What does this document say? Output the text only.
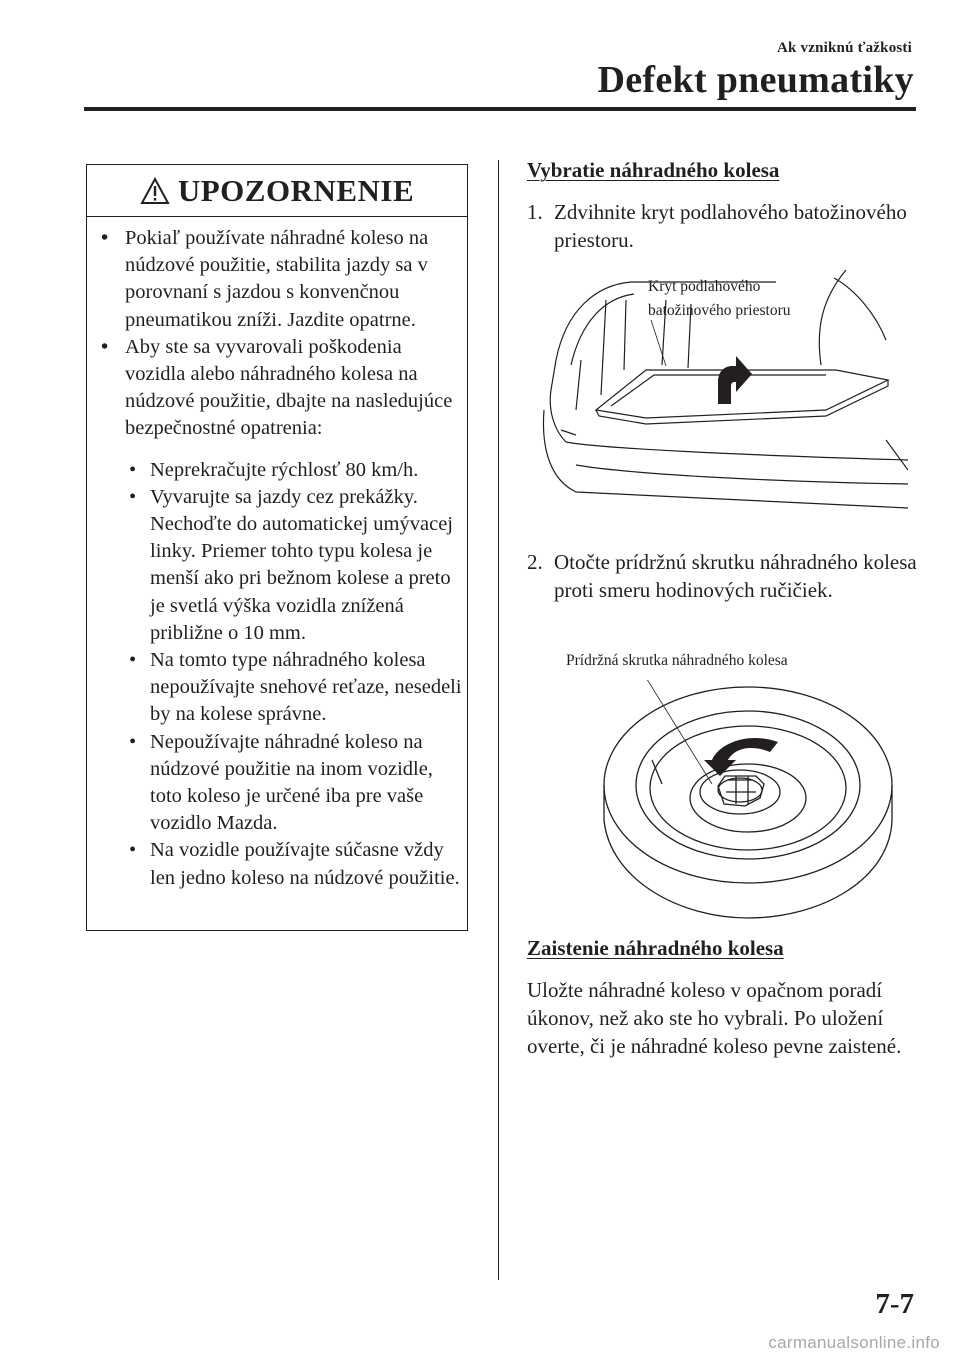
Ak vzniknú ťažkosti
Defekt pneumatiky
UPOZORNENIE
• Pokiaľ používate náhradné koleso na núdzové použitie, stabilita jazdy sa v porovnaní s jazdou s konvenčnou pneumatikou zníži. Jazdite opatrne.
• Aby ste sa vyvarovali poškodenia vozidla alebo náhradného kolesa na núdzové použitie, dbajte na nasledujúce bezpečnostné opatrenia:
• Neprekračujte rýchlosť 80 km/h.
• Vyvarujte sa jazdy cez prekážky. Nechoďte do automatickej umývacej linky. Priemer tohto typu kolesa je menší ako pri bežnom kolese a preto je svetlá výška vozidla znížená približne o 10 mm.
• Na tomto type náhradného kolesa nepoužívajte snehové reťaze, nesedeli by na kolese správne.
• Nepoužívajte náhradné koleso na núdzové použitie na inom vozidle, toto koleso je určené iba pre vaše vozidlo Mazda.
• Na vozidle používajte súčasne vždy len jedno koleso na núdzové použitie.
Vybratie náhradného kolesa
1. Zdvihnite kryt podlahového batožinového priestoru.
Kryt podlahového
batožinového priestoru
2. Otočte prídržnú skrutku náhradného kolesa proti smeru hodinových ručičiek.
Prídržná skrutka náhradného kolesa
Zaistenie náhradného kolesa
Uložte náhradné koleso v opačnom poradí úkonov, než ako ste ho vybrali. Po uložení overte, či je náhradné koleso pevne zaistené.
7-7
carmanualsonline.info
